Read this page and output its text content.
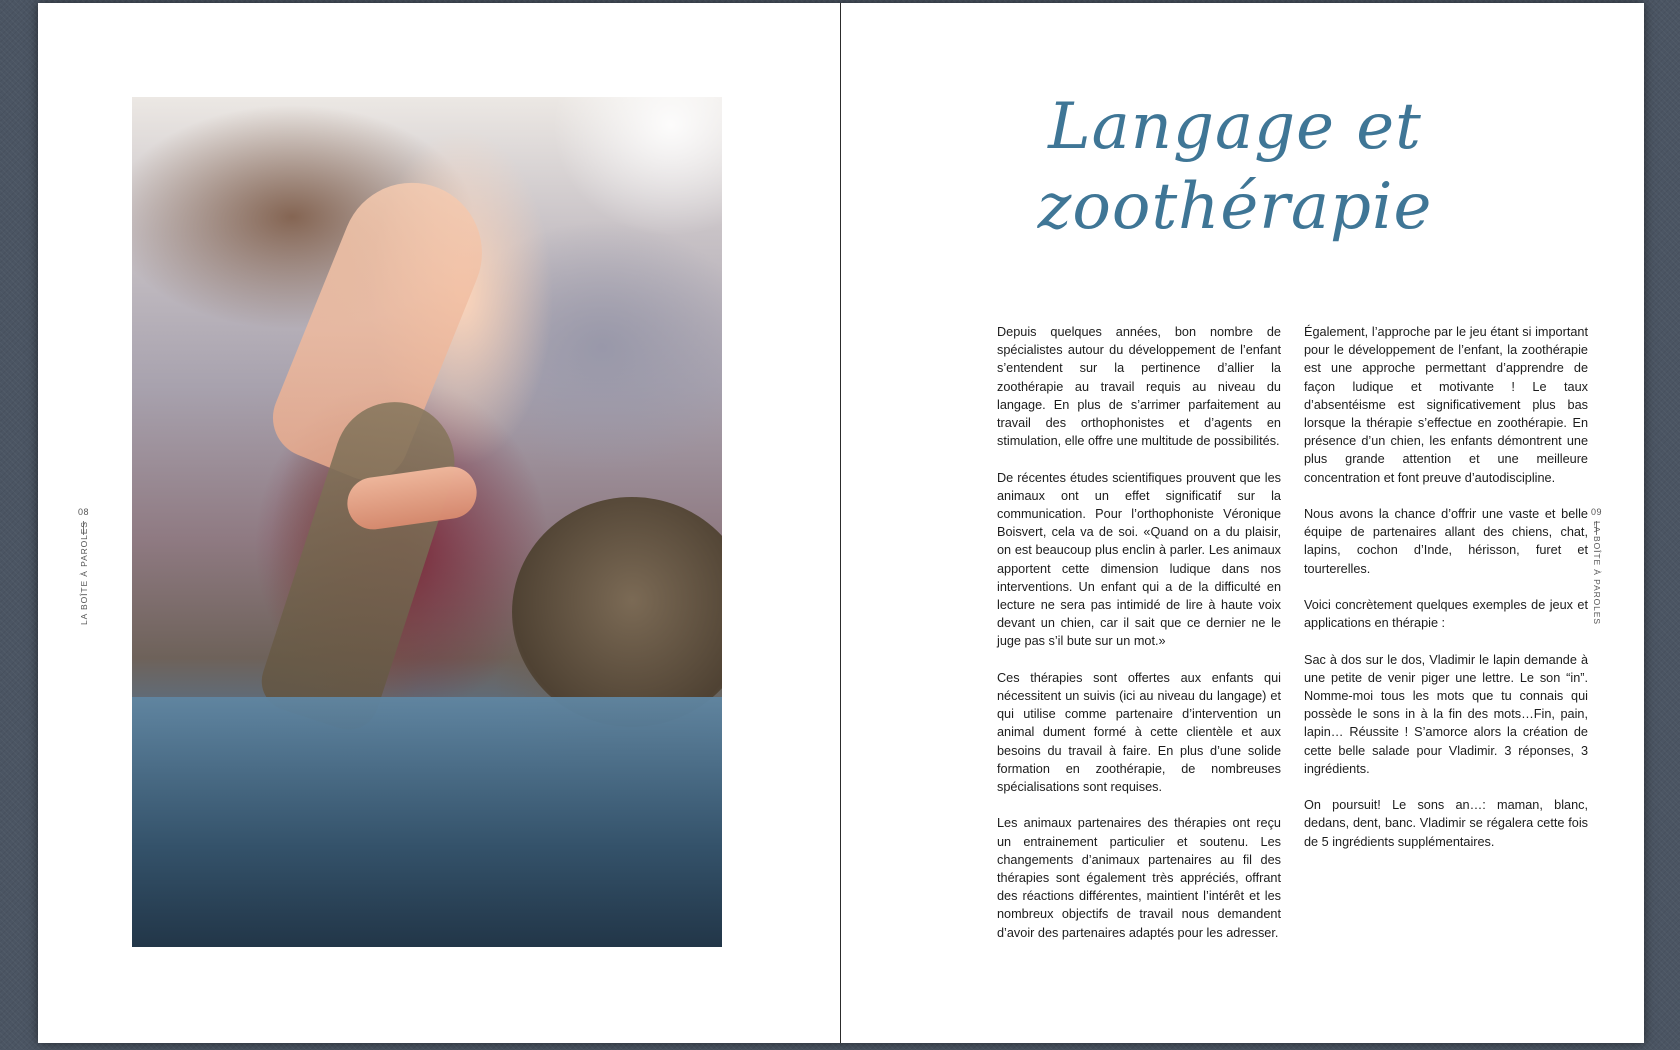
08
LA BOÎTE À PAROLES
Langage et
zoothérapie

Depuis quelques années, bon nombre de spécialistes autour du développement de l’enfant s’entendent sur la pertinence d’allier la zoothérapie au travail requis au niveau du langage. En plus de s’arrimer parfaitement au travail des orthophonistes et d’agents en stimulation, elle offre une multitude de possibilités.

De récentes études scientifiques prouvent que les animaux ont un effet significatif sur la communication. Pour l’orthophoniste Véronique Boisvert, cela va de soi. «Quand on a du plaisir, on est beaucoup plus enclin à parler. Les animaux apportent cette dimension ludique dans nos interventions. Un enfant qui a de la difficulté en lecture ne sera pas intimidé de lire à haute voix devant un chien, car il sait que ce dernier ne le juge pas s’il bute sur un mot.»

Ces thérapies sont offertes aux enfants qui nécessitent un suivis (ici au niveau du langage) et qui utilise comme partenaire d’intervention un animal dument formé à cette clientèle et aux besoins du travail à faire. En plus d’une solide formation en zoothérapie, de nombreuses spécialisations sont requises.

Les animaux partenaires des thérapies ont reçu un entrainement particulier et soutenu. Les changements d’animaux partenaires au fil des thérapies sont également très appréciés, offrant des réactions différentes, maintient l’intérêt et les nombreux objectifs de travail nous demandent d’avoir des partenaires adaptés pour les adresser.

Également, l’approche par le jeu étant si important pour le développement de l’enfant, la zoothérapie est une approche permettant d’apprendre de façon ludique et motivante ! Le taux d’absentéisme est significativement plus bas lorsque la thérapie s’effectue en zoothérapie. En présence d’un chien, les enfants démontrent une plus grande attention et une meilleure concentration et font preuve d’autodiscipline.

Nous avons la chance d’offrir une vaste et belle équipe de partenaires allant des chiens, chat, lapins, cochon d’Inde, hérisson, furet et tourterelles.

Voici concrètement quelques exemples de jeux et applications en thérapie :

Sac à dos sur le dos, Vladimir le lapin demande à une petite de venir piger une lettre. Le son “in”. Nomme-moi tous les mots que tu connais qui possède le sons in à la fin des mots…Fin, pain, lapin… Réussite ! S’amorce alors la création de cette belle salade pour Vladimir. 3 réponses, 3 ingrédients.

On poursuit! Le sons an…: maman, blanc, dedans, dent, banc. Vladimir se régalera cette fois de 5 ingrédients supplémentaires.

09
LA BOÎTE À PAROLES
